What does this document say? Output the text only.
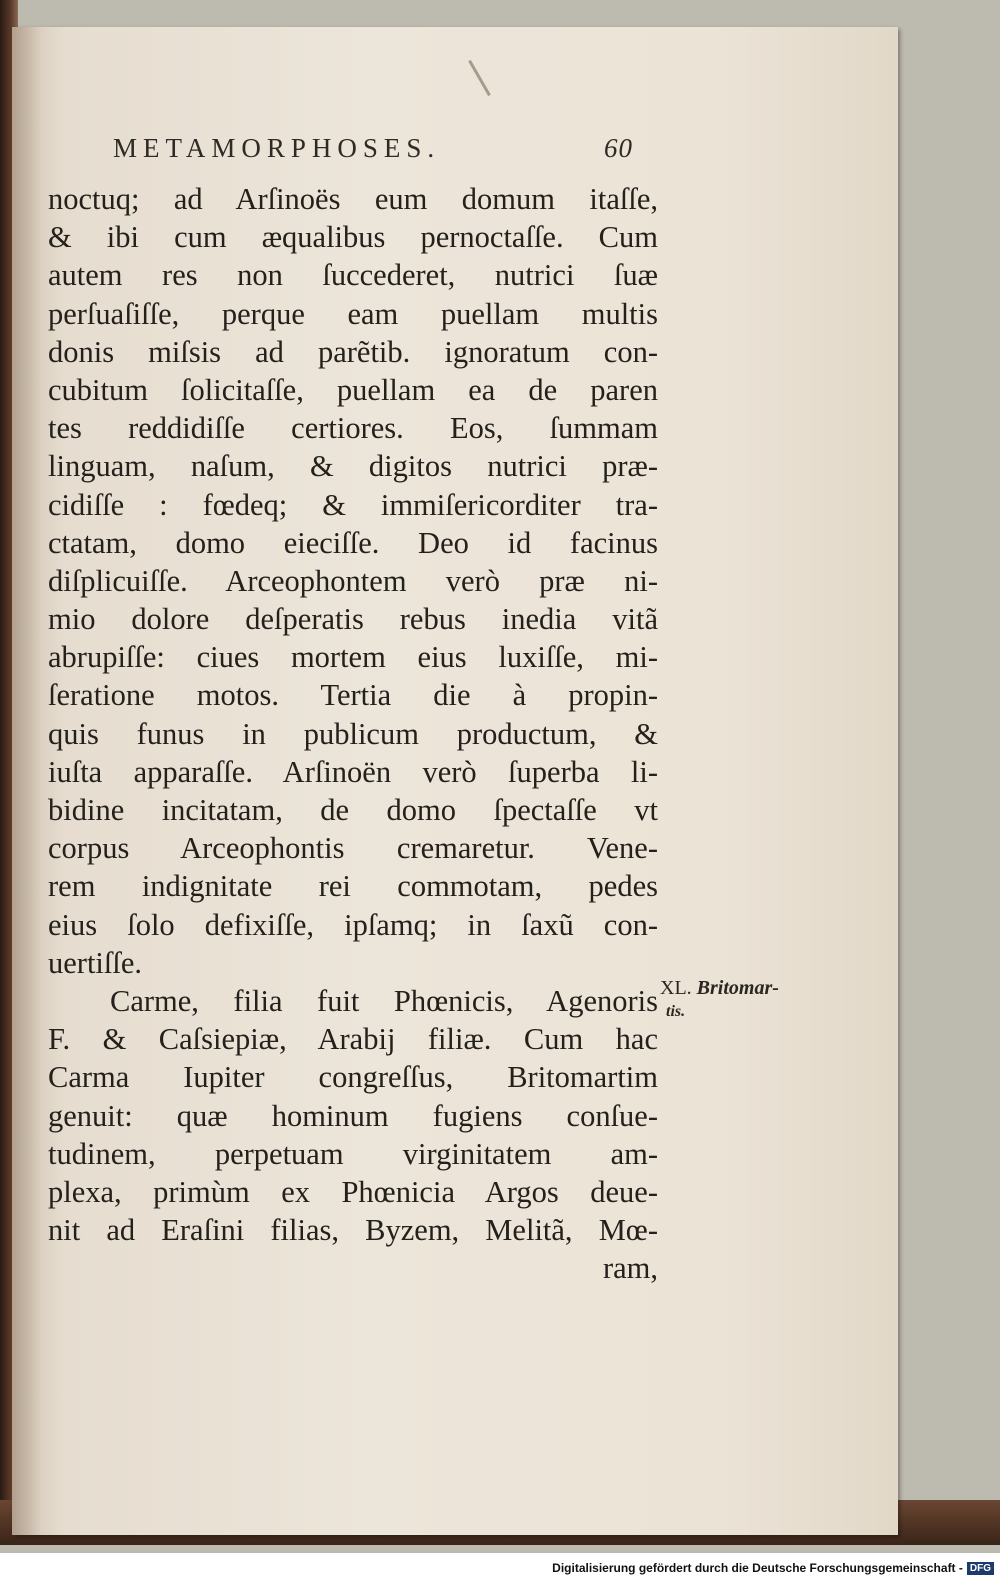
METAMORPHOSES.	60
noctuq; ad Arſinoës eum domum itaſſe,
& ibi cum æqualibus pernoctaſſe. Cum
autem res non ſuccederet, nutrici ſuæ
perſuaſiſſe, perque eam puellam multis
donis miſsis ad parẽtib. ignoratum con-
cubitum ſolicitaſſe, puellam ea de paren
tes reddidiſſe certiores. Eos, ſummam
linguam, naſum, & digitos nutrici præ-
cidiſſe : fœdeq; & immiſericorditer tra-
ctatam, domo eieciſſe. Deo id facinus
diſplicuiſſe. Arceophontem verò præ ni-
mio dolore deſperatis rebus inedia vitã
abrupiſſe: ciues mortem eius luxiſſe, mi-
ſeratione motos. Tertia die à propin-
quis funus in publicum productum, &
iuſta apparaſſe. Arſinoën verò ſuperba li-
bidine incitatam, de domo ſpectaſſe vt
corpus Arceophontis cremaretur. Vene-
rem indignitate rei commotam, pedes
eius ſolo defixiſſe, ipſamq; in ſaxũ con-
uertiſſe.
Carme, filia fuit Phœnicis, Agenoris
F. & Caſsiepiæ, Arabij filiæ. Cum hac
Carma Iupiter congreſſus, Britomartim
genuit: quæ hominum fugiens conſue-
tudinem, perpetuam virginitatem am-
plexa, primùm ex Phœnicia Argos deue-
nit ad Eraſini filias, Byzem, Melitã, Mœ-
ram,
XL. Britomar-
tis.
Digitalisierung gefördert durch die Deutsche Forschungsgemeinschaft - DFG
